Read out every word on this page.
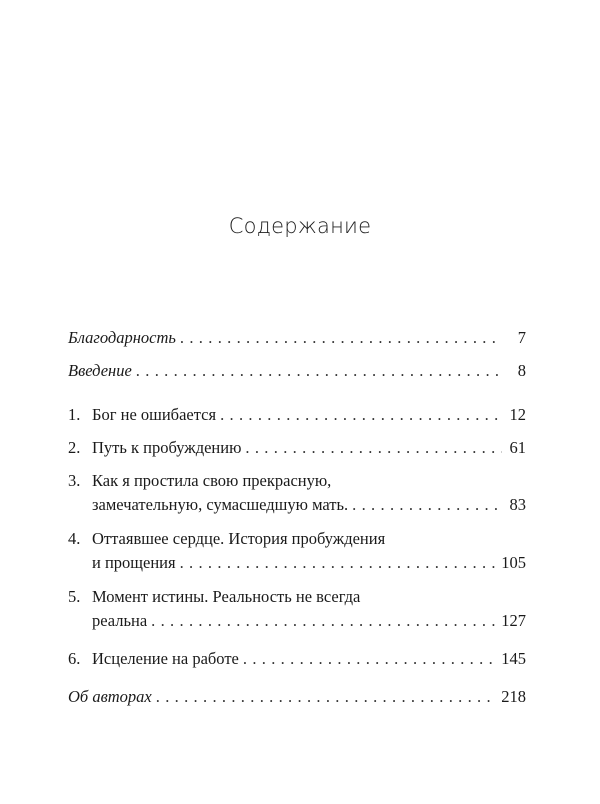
Содержание
Благодарность . . .	7
Введение . . .	8
1. Бог не ошибается . . .	12
2. Путь к пробуждению . . .	61
3. Как я простила свою прекрасную,
замечательную, сумасшедшую мать. . . .	83
4. Оттаявшее сердце. История пробуждения
и прощения . . .	105
5. Момент истины. Реальность не всегда
реальна . . .	127
6. Исцеление на работе . . .	145
Об авторах . . .	218
